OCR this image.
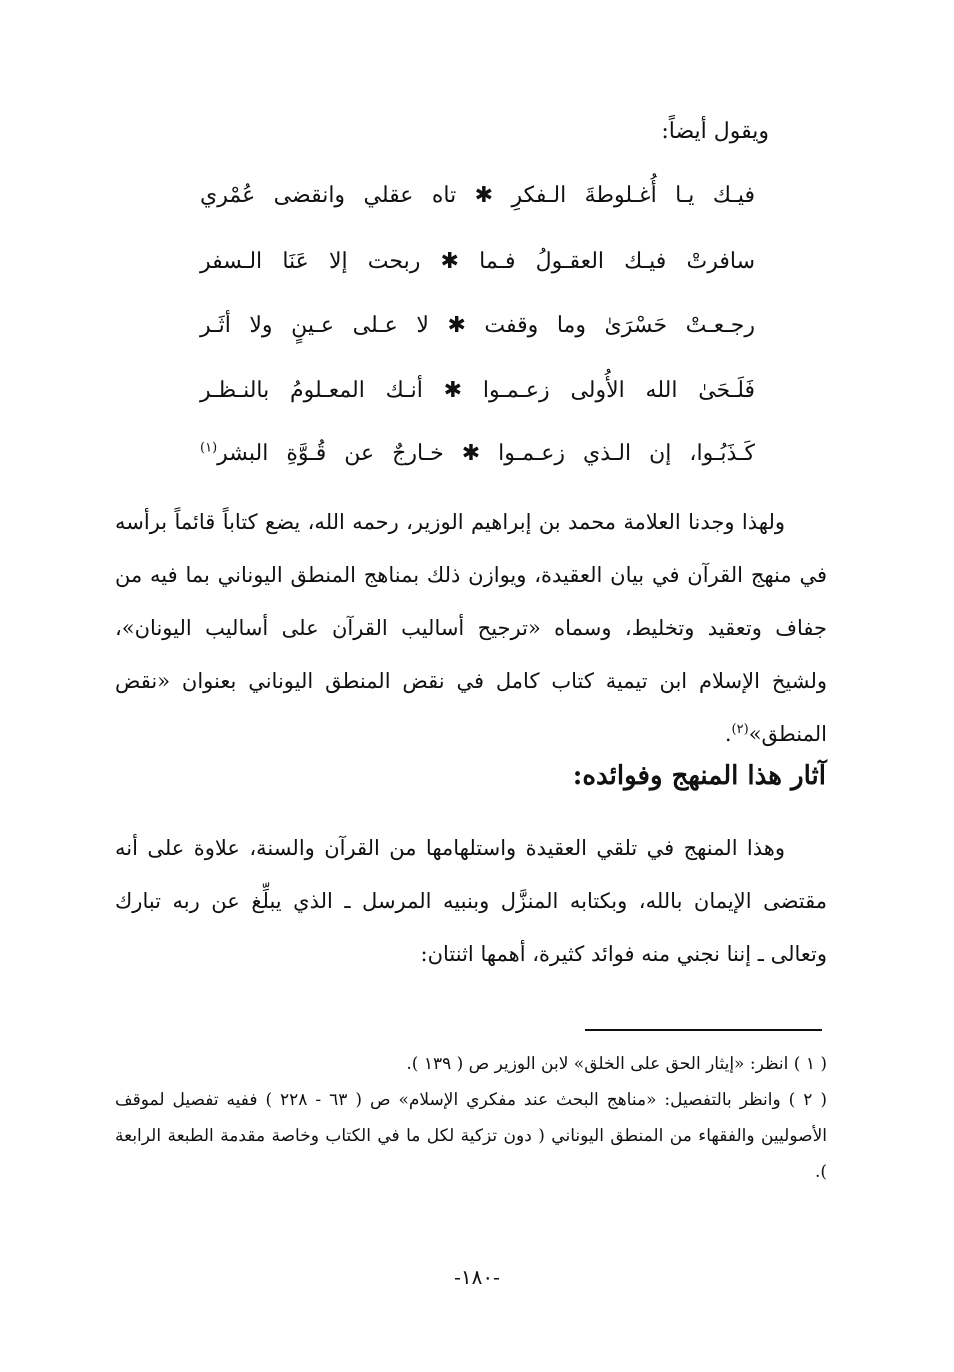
ويقول أيضاً:
فيـك يـا أُغـلوطةَ الـفكرِ ✱ تاه عقلي وانقضى عُمْري
سافرتْ فيـك العقـولُ فـما ✱ ربحت إلا عَنَا الـسفر
رجـعـتْ حَسْرَىٰ وما وقفت ✱ لا عـلى عـينٍ ولا أثَـر
فَلَـحَىٰ الله الأُولى زعـمـوا ✱ أنـك المعـلومُ بالنـظـر
كَـذَبُـوا، إن الـذي زعـمـوا ✱ خـارجٌ عن قُـوَّةِ البشر$^{(١)}$

ولهذا وجدنا العلامة محمد بن إبراهيم الوزير، رحمه الله، يضع كتاباً قائماً برأسه في منهج القرآن في بيان العقيدة، ويوازن ذلك بمناهج المنطق اليوناني بما فيه من جفاف وتعقيد وتخليط، وسماه «ترجيح أساليب القرآن على أساليب اليونان»، ولشيخ الإسلام ابن تيمية كتاب كامل في نقض المنطق اليوناني بعنوان «نقض المنطق»$^{(٢)}$.

آثار هذا المنهج وفوائده:

وهذا المنهج في تلقي العقيدة واستلهامها من القرآن والسنة، علاوة على أنه مقتضى الإيمان بالله، وبكتابه المنزَّل وبنبيه المرسل ـ الذي يبلِّغ عن ربه تبارك وتعالى ـ إننا نجني منه فوائد كثيرة، أهمها اثنتان:

( ١ ) انظر: «إيثار الحق على الخلق» لابن الوزير ص ( ١٣٩ ).

( ٢ ) وانظر بالتفصيل: «مناهج البحث عند مفكري الإسلام» ص ( ٦٣ - ٢٢٨ ) ففيه تفصيل لموقف الأصوليين والفقهاء من المنطق اليوناني ( دون تزكية لكل ما في الكتاب وخاصة مقدمة الطبعة الرابعة ).

-١٨٠-
